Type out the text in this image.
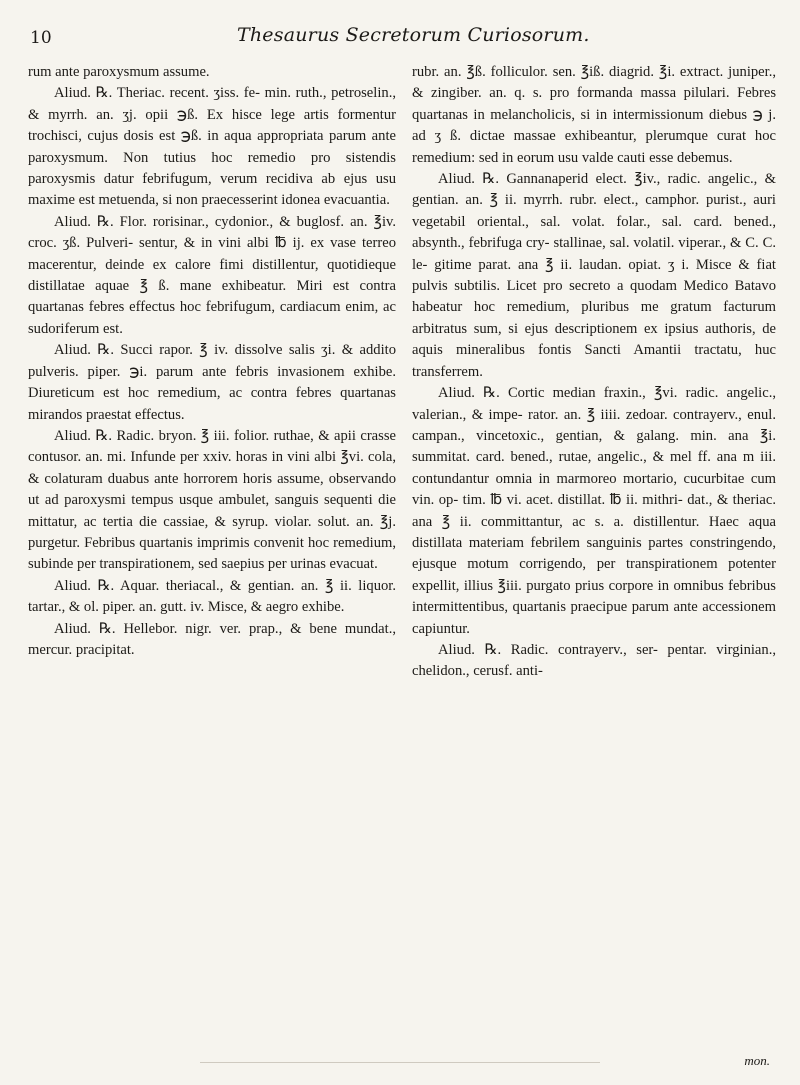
10	Thesaurus Secretorum Curiosorum.

rum ante paroxysmum assume.

Aliud. ℞. Theriac. recent. ʒiss. fe- min. ruth., petroselin., & myrrh. an. ʒj. opii ℈ß. Ex hisce lege artis formentur trochisci, cujus dosis est ℈ß. in aqua appropriata parum ante paroxysmum. Non tutius hoc remedio pro sistendis paroxysmis datur febrifugum, verum recidiva ab ejus usu maxime est metuenda, si non praecesserint idonea evacuantia.

Aliud. ℞. Flor. rorisinar., cydonior., & buglosf. an. ℥iv. croc. ʒß. Pulveri- sentur, & in vini albi ℔ ij. ex vase terreo macerentur, deinde ex calore fimi distillentur, quotidieque distillatae aquae ℥ ß. mane exhibeatur. Miri est contra quartanas febres effectus hoc febrifugum, cardiacum enim, ac sudoriferum est.

Aliud. ℞. Succi rapor. ℥ iv. dissolve salis ʒi. & addito pulveris. piper. ℈i. parum ante febris invasionem exhibe. Diureticum est hoc remedium, ac contra febres quartanas mirandos praestat effectus.

Aliud. ℞. Radic. bryon. ℥ iii. folior. ruthae, & apii crasse contusor. an. mi. Infunde per xxiv. horas in vini albi ℥vi. cola, & colaturam duabus ante horrorem horis assume, observando ut ad paroxysmi tempus usque ambulet, sanguis sequenti die mittatur, ac tertia die cassiae, & syrup. violar. solut. an. ℥j. purgetur. Febribus quartanis imprimis convenit hoc remedium, subinde per transpirationem, sed saepius per urinas evacuat.

Aliud. ℞. Aquar. theriacal., & gentian. an. ℥ ii. liquor. tartar., & ol. piper. an. gutt. iv. Misce, & aegro exhibe.

Aliud. ℞. Hellebor. nigr. ver. prap., & bene mundat., mercur. pracipitat.

rubr. an. ℥ß. folliculor. sen. ℥iß. diagrid. ℥i. extract. juniper., & zingiber. an. q. s. pro formanda massa pilulari. Febres quartanas in melancholicis, si in intermissionum diebus ℈ j. ad ʒ ß. dictae massae exhibeantur, plerumque curat hoc remedium: sed in eorum usu valde cauti esse debemus.

Aliud. ℞. Gannanaperid elect. ℥iv., radic. angelic., & gentian. an. ℥ ii. myrrh. rubr. elect., camphor. purist., auri vegetabil oriental., sal. volat. folar., sal. card. bened., absynth., febrifuga cry- stallinae, sal. volatil. viperar., & C. C. le- gitime parat. ana ℥ ii. laudan. opiat. ʒ i. Misce & fiat pulvis subtilis. Licet pro secreto a quodam Medico Batavo habeatur hoc remedium, pluribus me gratum facturum arbitratus sum, si ejus descriptionem ex ipsius authoris, de aquis mineralibus fontis Sancti Amantii tractatu, huc transferrem.

Aliud. ℞. Cortic median fraxin., ℥vi. radic. angelic., valerian., & impe- rator. an. ℥ iiii. zedoar. contrayerv., enul. campan., vincetoxic., gentian, & galang. min. ana ℥i. summitat. card. bened., rutae, angelic., & mel ff. ana m iii. contundantur omnia in marmoreo mortario, cucurbitae cum vin. op- tim. ℔ vi. acet. distillat. ℔ ii. mithri- dat., & theriac. ana ℥ ii. committantur, ac s. a. distillentur. Haec aqua distillata materiam febrilem sanguinis partes constringendo, ejusque motum corrigendo, per transpirationem potenter expellit, illius ℥iii. purgato prius corpore in omnibus febribus intermittentibus, quartanis praecipue parum ante accessionem capiuntur.

Aliud. ℞. Radic. contrayerv., ser- pentar. virginian., chelidon., cerusf. anti-

mon.
